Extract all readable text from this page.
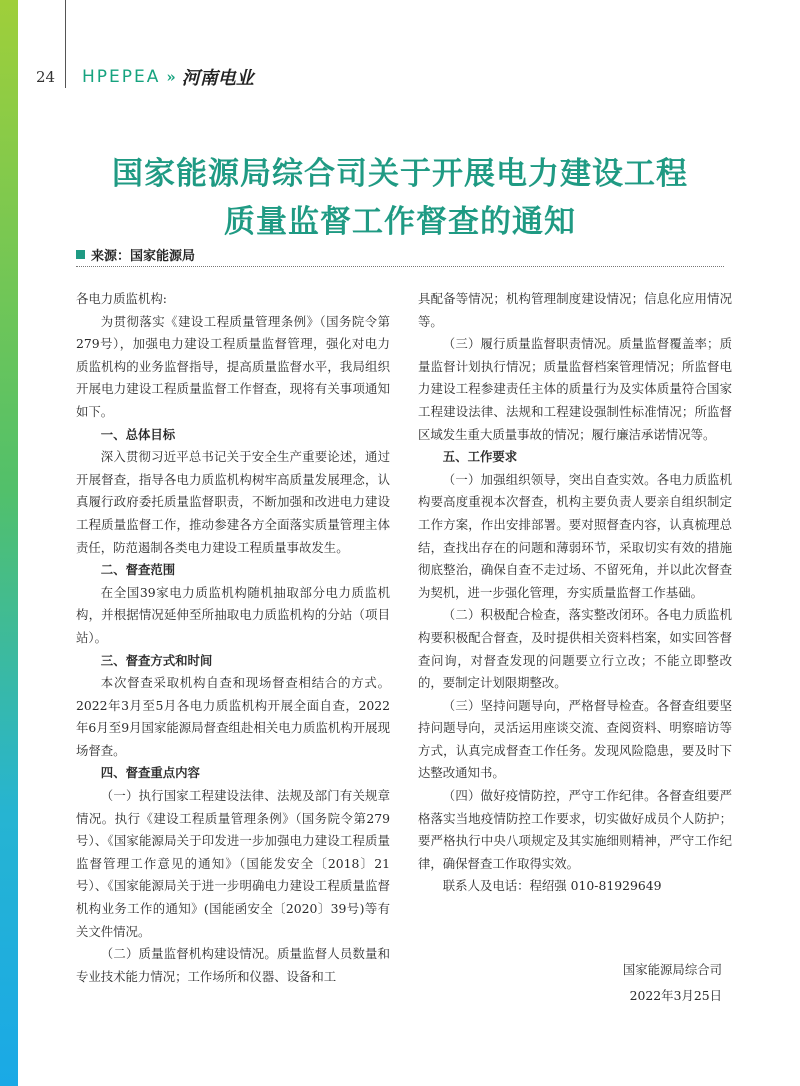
24 HPEPEA » 河南电业
国家能源局综合司关于开展电力建设工程
质量监督工作督查的通知
来源：国家能源局

各电力质监机构:

为贯彻落实《建设工程质量管理条例》（国务院令第279号），加强电力建设工程质量监督管理，强化对电力质监机构的业务监督指导，提高质量监督水平，我局组织开展电力建设工程质量监督工作督查，现将有关事项通知如下。

一、总体目标

深入贯彻习近平总书记关于安全生产重要论述，通过开展督查，指导各电力质监机构树牢高质量发展理念，认真履行政府委托质量监督职责，不断加强和改进电力建设工程质量监督工作，推动参建各方全面落实质量管理主体责任，防范遏制各类电力建设工程质量事故发生。

二、督查范围

在全国39家电力质监机构随机抽取部分电力质监机构，并根据情况延伸至所抽取电力质监机构的分站（项目站）。

三、督查方式和时间

本次督查采取机构自查和现场督查相结合的方式。2022年3月至5月各电力质监机构开展全面自查，2022年6月至9月国家能源局督查组赴相关电力质监机构开展现场督查。

四、督查重点内容

（一）执行国家工程建设法律、法规及部门有关规章情况。执行《建设工程质量管理条例》（国务院令第279号）、《国家能源局关于印发进一步加强电力建设工程质量监督管理工作意见的通知》（国能发安全〔2018〕21号）、《国家能源局关于进一步明确电力建设工程质量监督机构业务工作的通知》(国能函安全〔2020〕39号)等有关文件情况。

（二）质量监督机构建设情况。质量监督人员数量和专业技术能力情况；工作场所和仪器、设备和工

具配备等情况；机构管理制度建设情况；信息化应用情况等。

（三）履行质量监督职责情况。质量监督覆盖率；质量监督计划执行情况；质量监督档案管理情况；所监督电力建设工程参建责任主体的质量行为及实体质量符合国家工程建设法律、法规和工程建设强制性标准情况；所监督区域发生重大质量事故的情况；履行廉洁承诺情况等。

五、工作要求

（一）加强组织领导，突出自查实效。各电力质监机构要高度重视本次督查，机构主要负责人要亲自组织制定工作方案，作出安排部署。要对照督查内容，认真梳理总结，查找出存在的问题和薄弱环节，采取切实有效的措施彻底整治，确保自查不走过场、不留死角，并以此次督查为契机，进一步强化管理，夯实质量监督工作基础。

（二）积极配合检查，落实整改闭环。各电力质监机构要积极配合督查，及时提供相关资料档案，如实回答督查问询，对督查发现的问题要立行立改；不能立即整改的，要制定计划限期整改。

（三）坚持问题导向，严格督导检查。各督查组要坚持问题导向，灵活运用座谈交流、查阅资料、明察暗访等方式，认真完成督查工作任务。发现风险隐患，要及时下达整改通知书。

（四）做好疫情防控，严守工作纪律。各督查组要严格落实当地疫情防控工作要求，切实做好成员个人防护；要严格执行中央八项规定及其实施细则精神，严守工作纪律，确保督查工作取得实效。

联系人及电话：程绍强 010-81929649

国家能源局综合司
2022年3月25日
